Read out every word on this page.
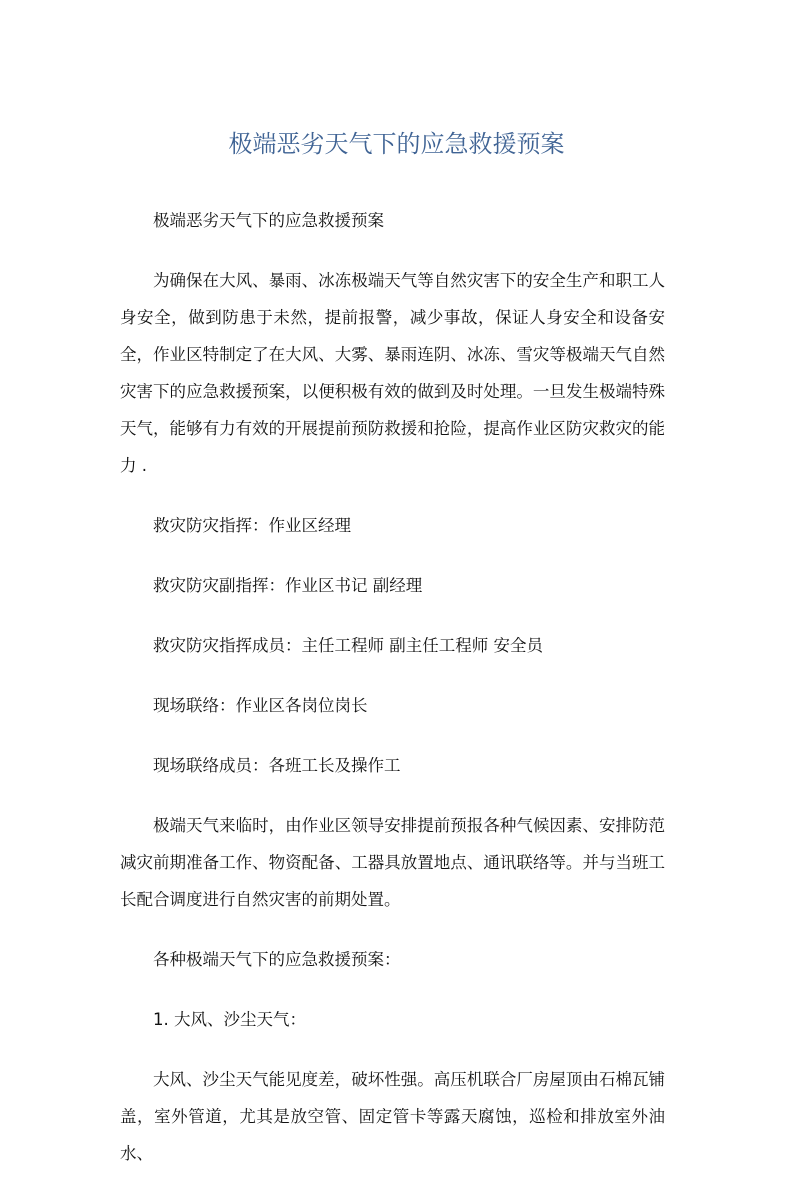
极端恶劣天气下的应急救援预案

极端恶劣天气下的应急救援预案

为确保在大风、暴雨、冰冻极端天气等自然灾害下的安全生产和职工人身安全，做到防患于未然，提前报警，减少事故，保证人身安全和设备安全，作业区特制定了在大风、大雾、暴雨连阴、冰冻、雪灾等极端天气自然灾害下的应急救援预案，以便积极有效的做到及时处理。一旦发生极端特殊天气，能够有力有效的开展提前预防救援和抢险，提高作业区防灾救灾的能力 .

救灾防灾指挥：作业区经理

救灾防灾副指挥：作业区书记 副经理

救灾防灾指挥成员：主任工程师 副主任工程师 安全员

现场联络：作业区各岗位岗长

现场联络成员：各班工长及操作工

极端天气来临时，由作业区领导安排提前预报各种气候因素、安排防范减灾前期准备工作、物资配备、工器具放置地点、通讯联络等。并与当班工长配合调度进行自然灾害的前期处置。

各种极端天气下的应急救援预案：

1. 大风、沙尘天气：

大风、沙尘天气能见度差，破坏性强。高压机联合厂房屋顶由石棉瓦铺盖，室外管道，尤其是放空管、固定管卡等露天腐蚀，巡检和排放室外油水、
